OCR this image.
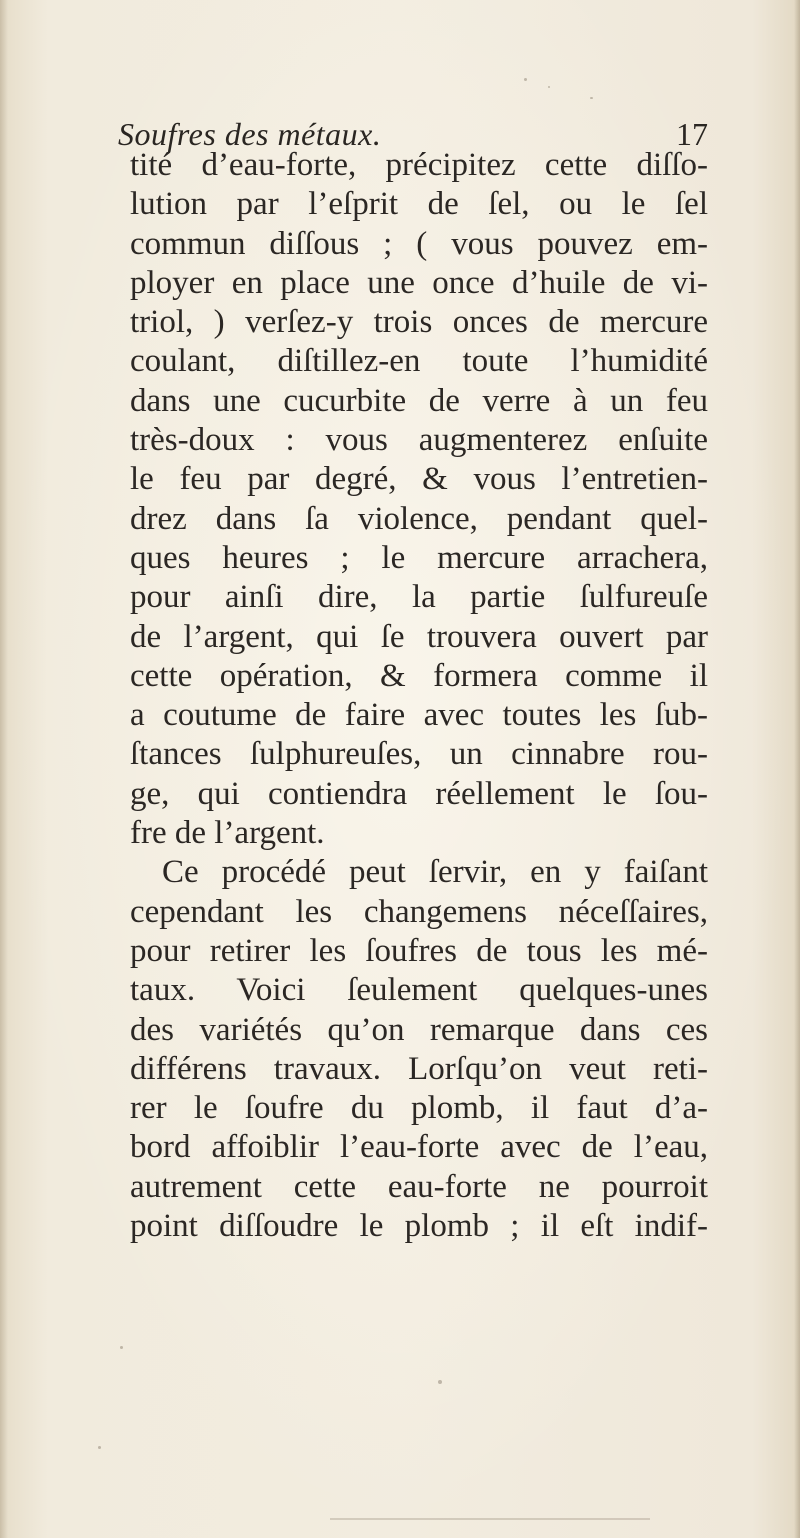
Soufres des métaux.	17
tité d’eau-forte, précipitez cette diſſo-
lution par l’eſprit de ſel, ou le ſel
commun diſſous ; ( vous pouvez em-
ployer en place une once d’huile de vi-
triol, ) verſez-y trois onces de mercure
coulant, diſtillez-en toute l’humidité
dans une cucurbite de verre à un feu
très-doux : vous augmenterez enſuite
le feu par degré, & vous l’entretien-
drez dans ſa violence, pendant quel-
ques heures ; le mercure arrachera,
pour ainſi dire, la partie ſulfureuſe
de l’argent, qui ſe trouvera ouvert par
cette opération, & formera comme il
a coutume de faire avec toutes les ſub-
ſtances ſulphureuſes, un cinnabre rou-
ge, qui contiendra réellement le ſou-
fre de l’argent.
Ce procédé peut ſervir, en y faiſant
cependant les changemens néceſſaires,
pour retirer les ſoufres de tous les mé-
taux. Voici ſeulement quelques-unes
des variétés qu’on remarque dans ces
différens travaux. Lorſqu’on veut reti-
rer le ſoufre du plomb, il faut d’a-
bord affoiblir l’eau-forte avec de l’eau,
autrement cette eau-forte ne pourroit
point diſſoudre le plomb ; il eſt indif-
